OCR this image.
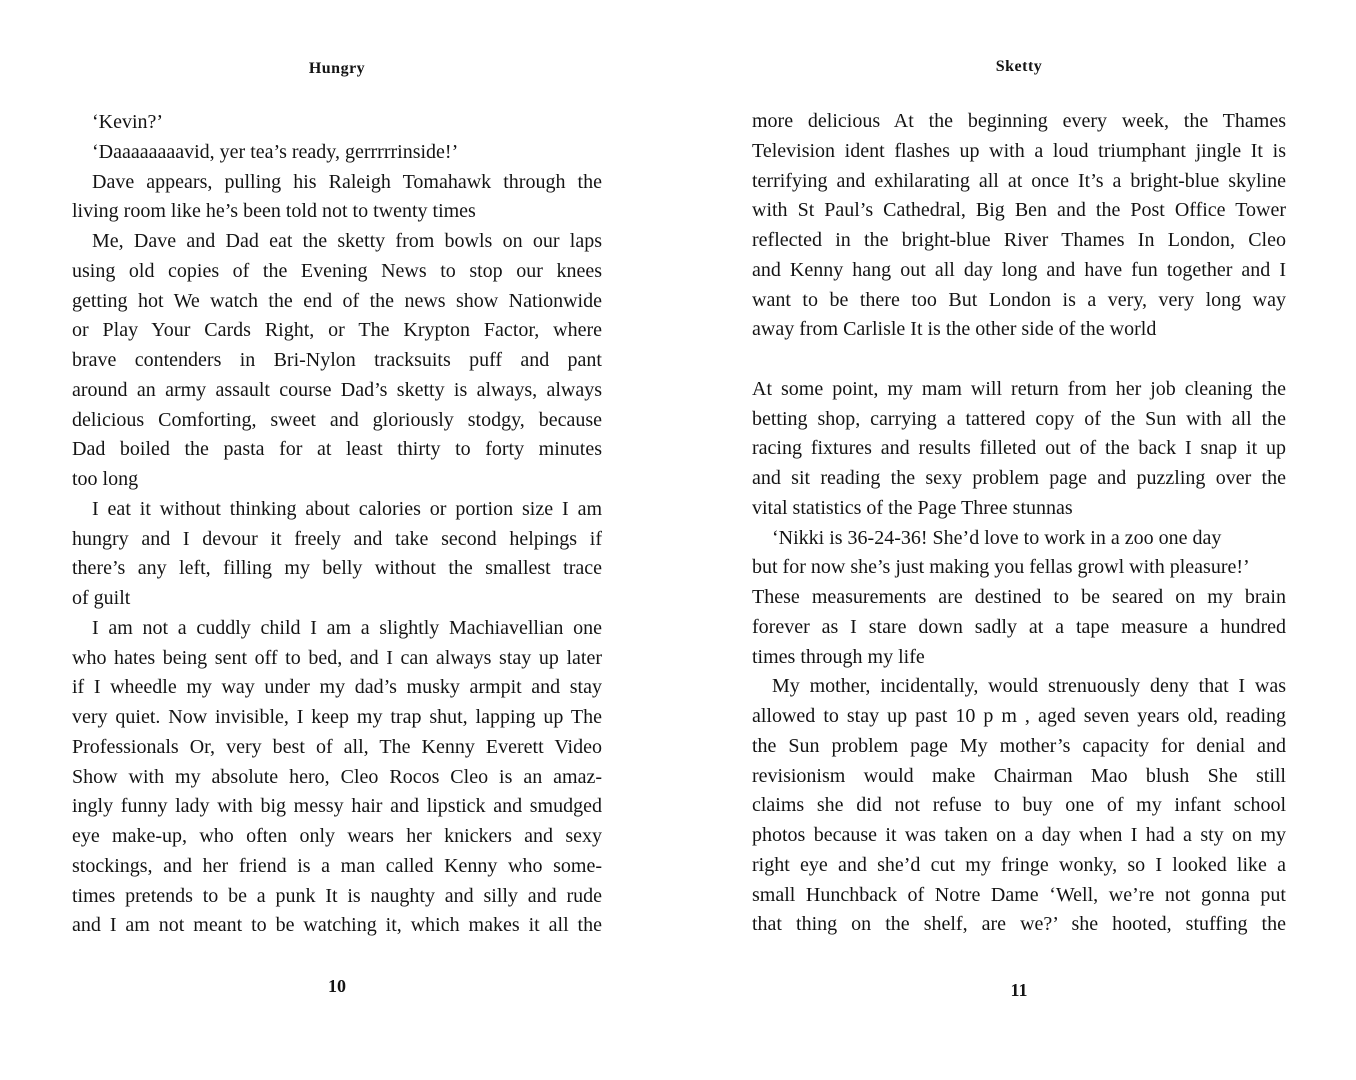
Hungry
‘Kevin?’
‘Daaaaaaaavid, yer tea’s ready, gerrrrrinside!’
Dave appears, pulling his Raleigh Tomahawk through the
living room like he’s been told not to twenty times
Me, Dave and Dad eat the sketty from bowls on our laps
using old copies of the Evening News to stop our knees
getting hot We watch the end of the news show Nationwide
or Play Your Cards Right, or The Krypton Factor, where
brave contenders in Bri-Nylon tracksuits puff and pant
around an army assault course Dad’s sketty is always, always
delicious Comforting, sweet and gloriously stodgy, because
Dad boiled the pasta for at least thirty to forty minutes
too long
I eat it without thinking about calories or portion size I am
hungry and I devour it freely and take second helpings if
there’s any left, filling my belly without the smallest trace
of guilt
I am not a cuddly child I am a slightly Machiavellian one
who hates being sent off to bed, and I can always stay up later
if I wheedle my way under my dad’s musky armpit and stay
very quiet. Now invisible, I keep my trap shut, lapping up The
Professionals Or, very best of all, The Kenny Everett Video
Show with my absolute hero, Cleo Rocos Cleo is an amaz-
ingly funny lady with big messy hair and lipstick and smudged
eye make-up, who often only wears her knickers and sexy
stockings, and her friend is a man called Kenny who some-
times pretends to be a punk It is naughty and silly and rude
and I am not meant to be watching it, which makes it all the
10
Sketty
more delicious At the beginning every week, the Thames
Television ident flashes up with a loud triumphant jingle It is
terrifying and exhilarating all at once It’s a bright-blue skyline
with St Paul’s Cathedral, Big Ben and the Post Office Tower
reflected in the bright-blue River Thames In London, Cleo
and Kenny hang out all day long and have fun together and I
want to be there too But London is a very, very long way
away from Carlisle It is the other side of the world
At some point, my mam will return from her job cleaning the
betting shop, carrying a tattered copy of the Sun with all the
racing fixtures and results filleted out of the back I snap it up
and sit reading the sexy problem page and puzzling over the
vital statistics of the Page Three stunnas
‘Nikki is 36-24-36! She’d love to work in a zoo one day
but for now she’s just making you fellas growl with pleasure!’
These measurements are destined to be seared on my brain
forever as I stare down sadly at a tape measure a hundred
times through my life
My mother, incidentally, would strenuously deny that I was
allowed to stay up past 10 p m , aged seven years old, reading
the Sun problem page My mother’s capacity for denial and
revisionism would make Chairman Mao blush She still
claims she did not refuse to buy one of my infant school
photos because it was taken on a day when I had a sty on my
right eye and she’d cut my fringe wonky, so I looked like a
small Hunchback of Notre Dame ‘Well, we’re not gonna put
that thing on the shelf, are we?’ she hooted, stuffing the
11
